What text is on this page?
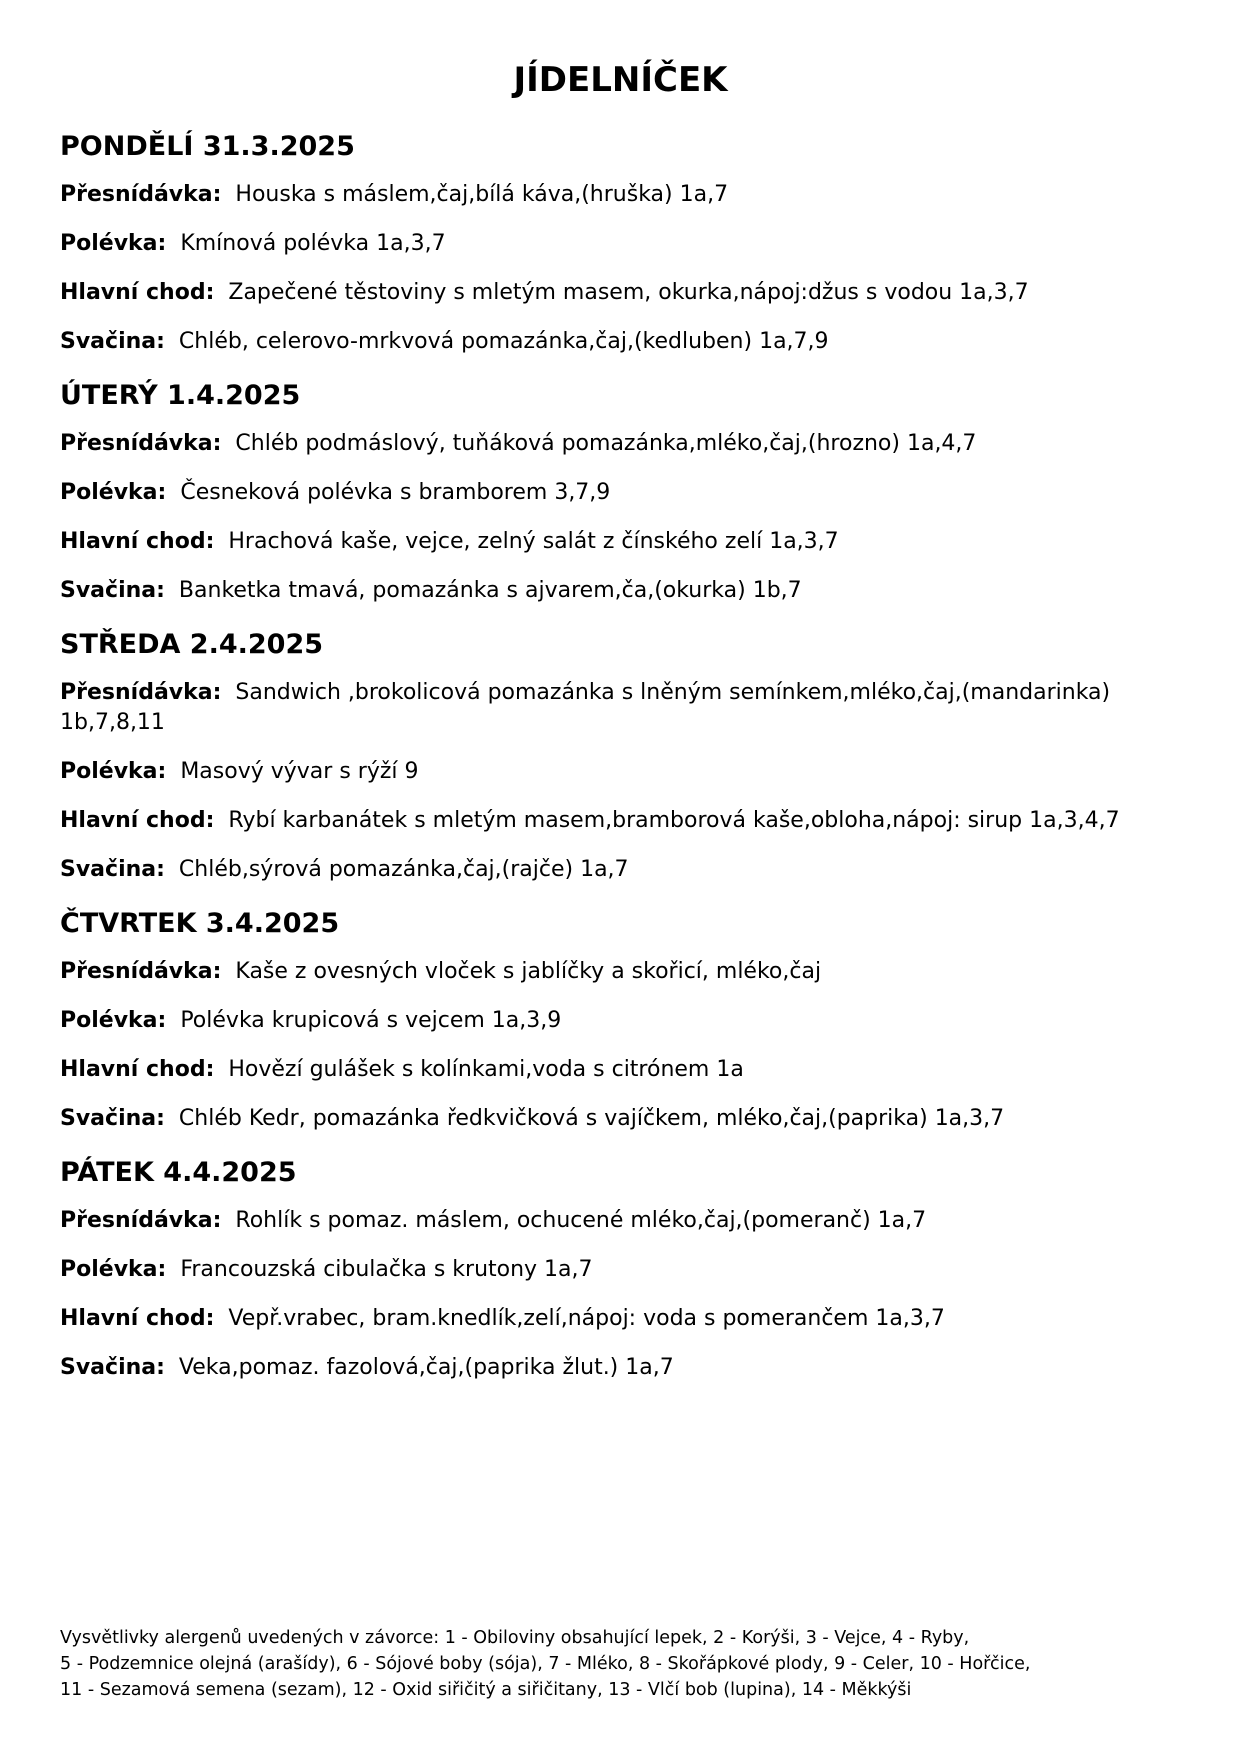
JÍDELNÍČEK
PONDĚLÍ 31.3.2025

Přesnídávka: Houska s máslem,čaj,bílá káva,(hruška) 1a,7

Polévka: Kmínová polévka 1a,3,7

Hlavní chod: Zapečené těstoviny s mletým masem, okurka,nápoj:džus s vodou 1a,3,7

Svačina: Chléb, celerovo-mrkvová pomazánka,čaj,(kedluben) 1a,7,9

ÚTERÝ 1.4.2025

Přesnídávka: Chléb podmáslový, tuňáková pomazánka,mléko,čaj,(hrozno) 1a,4,7

Polévka: Česneková polévka s bramborem 3,7,9

Hlavní chod: Hrachová kaše, vejce, zelný salát z čínského zelí 1a,3,7

Svačina: Banketka tmavá, pomazánka s ajvarem,ča,(okurka) 1b,7

STŘEDA 2.4.2025

Přesnídávka: Sandwich ,brokolicová pomazánka s lněným semínkem,mléko,čaj,(mandarinka) 1b,7,8,11

Polévka: Masový vývar s rýží 9

Hlavní chod: Rybí karbanátek s mletým masem,bramborová kaše,obloha,nápoj: sirup 1a,3,4,7

Svačina: Chléb,sýrová pomazánka,čaj,(rajče) 1a,7

ČTVRTEK 3.4.2025

Přesnídávka: Kaše z ovesných vloček s jablíčky a skořicí, mléko,čaj

Polévka: Polévka krupicová s vejcem 1a,3,9

Hlavní chod: Hovězí gulášek s kolínkami,voda s citrónem 1a

Svačina: Chléb Kedr, pomazánka ředkvičková s vajíčkem, mléko,čaj,(paprika) 1a,3,7

PÁTEK 4.4.2025

Přesnídávka: Rohlík s pomaz. máslem, ochucené mléko,čaj,(pomeranč) 1a,7

Polévka: Francouzská cibulačka s krutony 1a,7

Hlavní chod: Vepř.vrabec, bram.knedlík,zelí,nápoj: voda s pomerančem 1a,3,7

Svačina: Veka,pomaz. fazolová,čaj,(paprika žlut.) 1a,7

Vysvětlivky alergenů uvedených v závorce: 1 - Obiloviny obsahující lepek, 2 - Korýši, 3 - Vejce, 4 - Ryby,
5 - Podzemnice olejná (arašídy), 6 - Sójové boby (sója), 7 - Mléko, 8 - Skořápkové plody, 9 - Celer, 10 - Hořčice,
11 - Sezamová semena (sezam), 12 - Oxid siřičitý a siřičitany, 13 - Vlčí bob (lupina), 14 - Měkkýši
